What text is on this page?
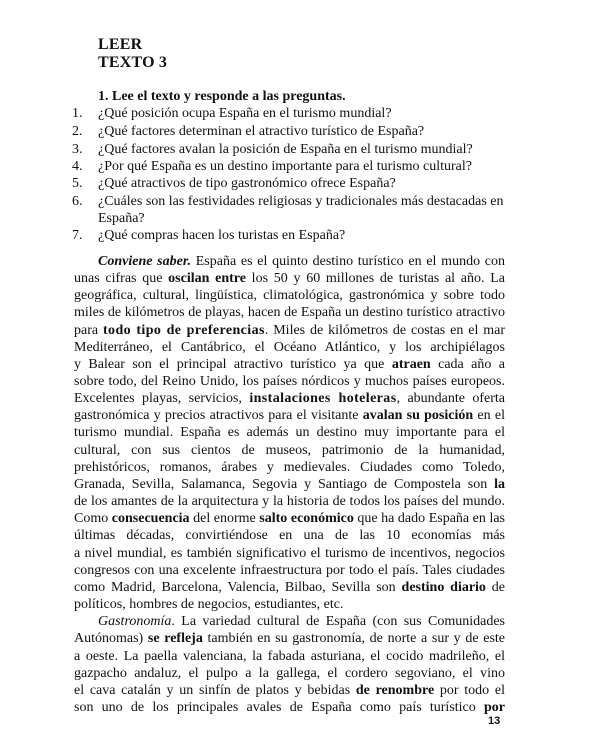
LEER
TEXTO 3
1. Lee el texto y responde a las preguntas.
1. ¿Qué posición ocupa España en el turismo mundial?
2. ¿Qué factores determinan el atractivo turístico de España?
3. ¿Qué factores avalan la posición de España en el turismo mundial?
4. ¿Por qué España es un destino importante para el turismo cultural?
5. ¿Qué atractivos de tipo gastronómico ofrece España?
6. ¿Cuáles son las festividades religiosas y tradicionales más destacadas en
España?
7. ¿Qué compras hacen los turistas en España?
Conviene saber. España es el quinto destino turístico en el mundo con
unas cifras que oscilan entre los 50 y 60 millones de turistas al año. La
geográfica, cultural, lingüística, climatológica, gastronómica y sobre todo
miles de kilómetros de playas, hacen de España un destino turístico atractivo
para todo tipo de preferencias. Miles de kilómetros de costas en el mar
Mediterráneo, el Cantábrico, el Océano Atlántico, y los archipiélagos
y Balear son el principal atractivo turístico ya que atraen cada año a
sobre todo, del Reino Unido, los países nórdicos y muchos países europeos.
Excelentes playas, servicios, instalaciones hoteleras, abundante oferta
gastronómica y precios atractivos para el visitante avalan su posición en el
turismo mundial. España es además un destino muy importante para el
cultural, con sus cientos de museos, patrimonio de la humanidad,
prehistóricos, romanos, árabes y medievales. Ciudades como Toledo,
Granada, Sevilla, Salamanca, Segovia y Santiago de Compostela son la
de los amantes de la arquitectura y la historia de todos los países del mundo.
Como consecuencia del enorme salto económico que ha dado España en las
últimas décadas, convirtiéndose en una de las 10 economías más
a nivel mundial, es también significativo el turismo de incentivos, negocios
congresos con una excelente infraestructura por todo el país. Tales ciudades
como Madrid, Barcelona, Valencia, Bilbao, Sevilla son destino diario de
políticos, hombres de negocios, estudiantes, etc.
Gastronomía. La variedad cultural de España (con sus Comunidades
Autónomas) se refleja también en su gastronomía, de norte a sur y de este
a oeste. La paella valenciana, la fabada asturiana, el cocido madrileño, el
gazpacho andaluz, el pulpo a la gallega, el cordero segoviano, el vino
el cava catalán y un sinfín de platos y bebidas de renombre por todo el
son uno de los principales avales de España como país turístico por
13
